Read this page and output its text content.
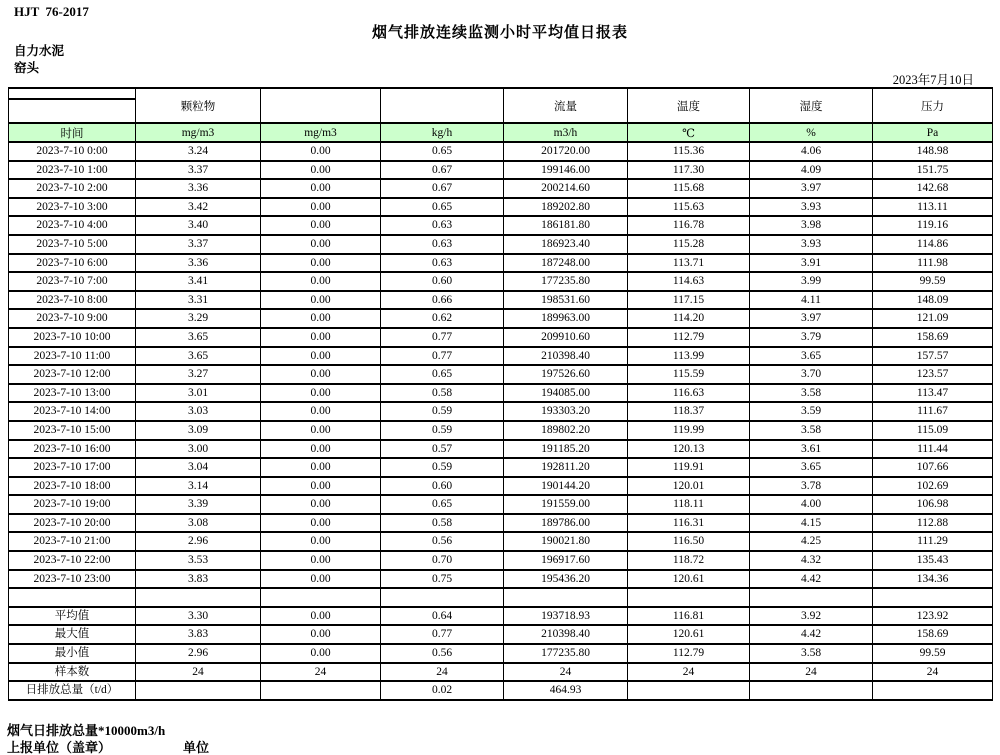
HJT  76-2017
烟气排放连续监测小时平均值日报表
自力水泥
窑头
2023年7月10日
	颗粒物			流量	温度	湿度	压力

时间	mg/m3	mg/m3	kg/h	m3/h	℃	%	Pa
2023-7-10 0:00	3.24	0.00	0.65	201720.00	115.36	4.06	148.98
2023-7-10 1:00	3.37	0.00	0.67	199146.00	117.30	4.09	151.75
2023-7-10 2:00	3.36	0.00	0.67	200214.60	115.68	3.97	142.68
2023-7-10 3:00	3.42	0.00	0.65	189202.80	115.63	3.93	113.11
2023-7-10 4:00	3.40	0.00	0.63	186181.80	116.78	3.98	119.16
2023-7-10 5:00	3.37	0.00	0.63	186923.40	115.28	3.93	114.86
2023-7-10 6:00	3.36	0.00	0.63	187248.00	113.71	3.91	111.98
2023-7-10 7:00	3.41	0.00	0.60	177235.80	114.63	3.99	99.59
2023-7-10 8:00	3.31	0.00	0.66	198531.60	117.15	4.11	148.09
2023-7-10 9:00	3.29	0.00	0.62	189963.00	114.20	3.97	121.09
2023-7-10 10:00	3.65	0.00	0.77	209910.60	112.79	3.79	158.69
2023-7-10 11:00	3.65	0.00	0.77	210398.40	113.99	3.65	157.57
2023-7-10 12:00	3.27	0.00	0.65	197526.60	115.59	3.70	123.57
2023-7-10 13:00	3.01	0.00	0.58	194085.00	116.63	3.58	113.47
2023-7-10 14:00	3.03	0.00	0.59	193303.20	118.37	3.59	111.67
2023-7-10 15:00	3.09	0.00	0.59	189802.20	119.99	3.58	115.09
2023-7-10 16:00	3.00	0.00	0.57	191185.20	120.13	3.61	111.44
2023-7-10 17:00	3.04	0.00	0.59	192811.20	119.91	3.65	107.66
2023-7-10 18:00	3.14	0.00	0.60	190144.20	120.01	3.78	102.69
2023-7-10 19:00	3.39	0.00	0.65	191559.00	118.11	4.00	106.98
2023-7-10 20:00	3.08	0.00	0.58	189786.00	116.31	4.15	112.88
2023-7-10 21:00	2.96	0.00	0.56	190021.80	116.50	4.25	111.29
2023-7-10 22:00	3.53	0.00	0.70	196917.60	118.72	4.32	135.43
2023-7-10 23:00	3.83	0.00	0.75	195436.20	120.61	4.42	134.36

平均值	3.30	0.00	0.64	193718.93	116.81	3.92	123.92
最大值	3.83	0.00	0.77	210398.40	120.61	4.42	158.69
最小值	2.96	0.00	0.56	177235.80	112.79	3.58	99.59
样本数	24	24	24	24	24	24	24
日排放总量（t/d）			0.02	464.93			
烟气日排放总量*10000m3/h
上报单位（盖章）	单位
